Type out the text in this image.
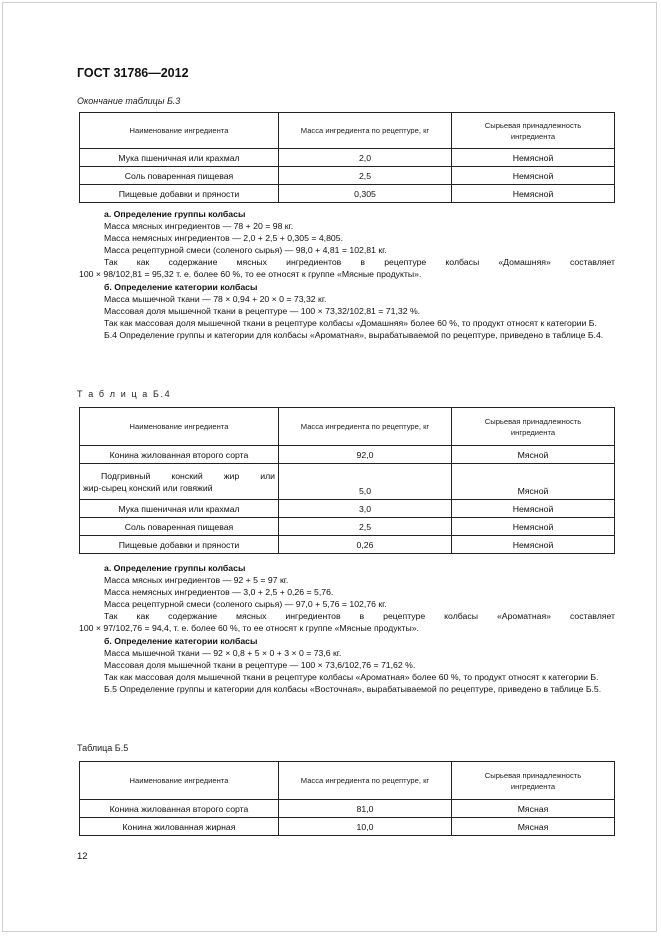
ГОСТ 31786—2012
Окончание таблицы Б.3
Наименование ингредиента	Масса ингредиента по рецептуре, кг	Сырьевая принадлежность
ингредиента

Мука пшеничная или крахмал	2,0	Немясной
Соль поваренная пищевая	2,5	Немясной
Пищевые добавки и пряности	0,305	Немясной

а. Определение группы колбасы

Масса мясных ингредиентов — 78 + 20 = 98 кг.

Масса немясных ингредиентов — 2,0 + 2,5 + 0,305 = 4,805.

Масса рецептурной смеси (соленого сырья) — 98,0 + 4,81 = 102,81 кг.

Так как содержание мясных ингредиентов в рецептуре колбасы «Домашняя» составляет

100 × 98/102,81 = 95,32 т. е. более 60 %, то ее относят к группе «Мясные продукты».

б. Определение категории колбасы

Масса мышечной ткани — 78 × 0,94 + 20 × 0 = 73,32 кг.

Массовая доля мышечной ткани в рецептуре — 100 × 73,32/102,81 = 71,32 %.

Так как массовая доля мышечной ткани в рецептуре колбасы «Домашняя» более 60 %, то продукт относят к категории Б.

Б.4 Определение группы и категории для колбасы «Ароматная», вырабатываемой по рецептуре, приведено в таблице Б.4.

Т а б л и ц а Б.4
Наименование ингредиента	Масса ингредиента по рецептуре, кг	Сырьевая принадлежность
ингредиента

Конина жилованная второго сорта	92,0	Мясной

Подгривный конский жир или
жир-сырец конский или говяжий	5,0	Мясной
Мука пшеничная или крахмал	3,0	Немясной
Соль поваренная пищевая	2,5	Немясной
Пищевые добавки и пряности	0,26	Немясной

а. Определение группы колбасы

Масса мясных ингредиентов — 92 + 5 = 97 кг.

Масса немясных ингредиентов — 3,0 + 2,5 + 0,26 = 5,76.

Масса рецептурной смеси (соленого сырья) — 97,0 + 5,76 = 102,76 кг.

Так как содержание мясных ингредиентов в рецептуре колбасы «Ароматная» составляет

100 × 97/102,76 = 94,4, т. е. более 60 %, то ее относят к группе «Мясные продукты».

б. Определение категории колбасы

Масса мышечной ткани — 92 × 0,8 + 5 × 0 + 3 × 0 = 73,6 кг.

Массовая доля мышечной ткани в рецептуре — 100 × 73,6/102,76 = 71,62 %.

Так как массовая доля мышечной ткани в рецептуре колбасы «Ароматная» более 60 %, то продукт относят к категории Б.

Б.5 Определение группы и категории для колбасы «Восточная», вырабатываемой по рецептуре, приведено в таблице Б.5.

Таблица Б.5
Наименование ингредиента	Масса ингредиента по рецептуре, кг	Сырьевая принадлежность
ингредиента

Конина жилованная второго сорта	81,0	Мясная
Конина жилованная жирная	10,0	Мясная
12
